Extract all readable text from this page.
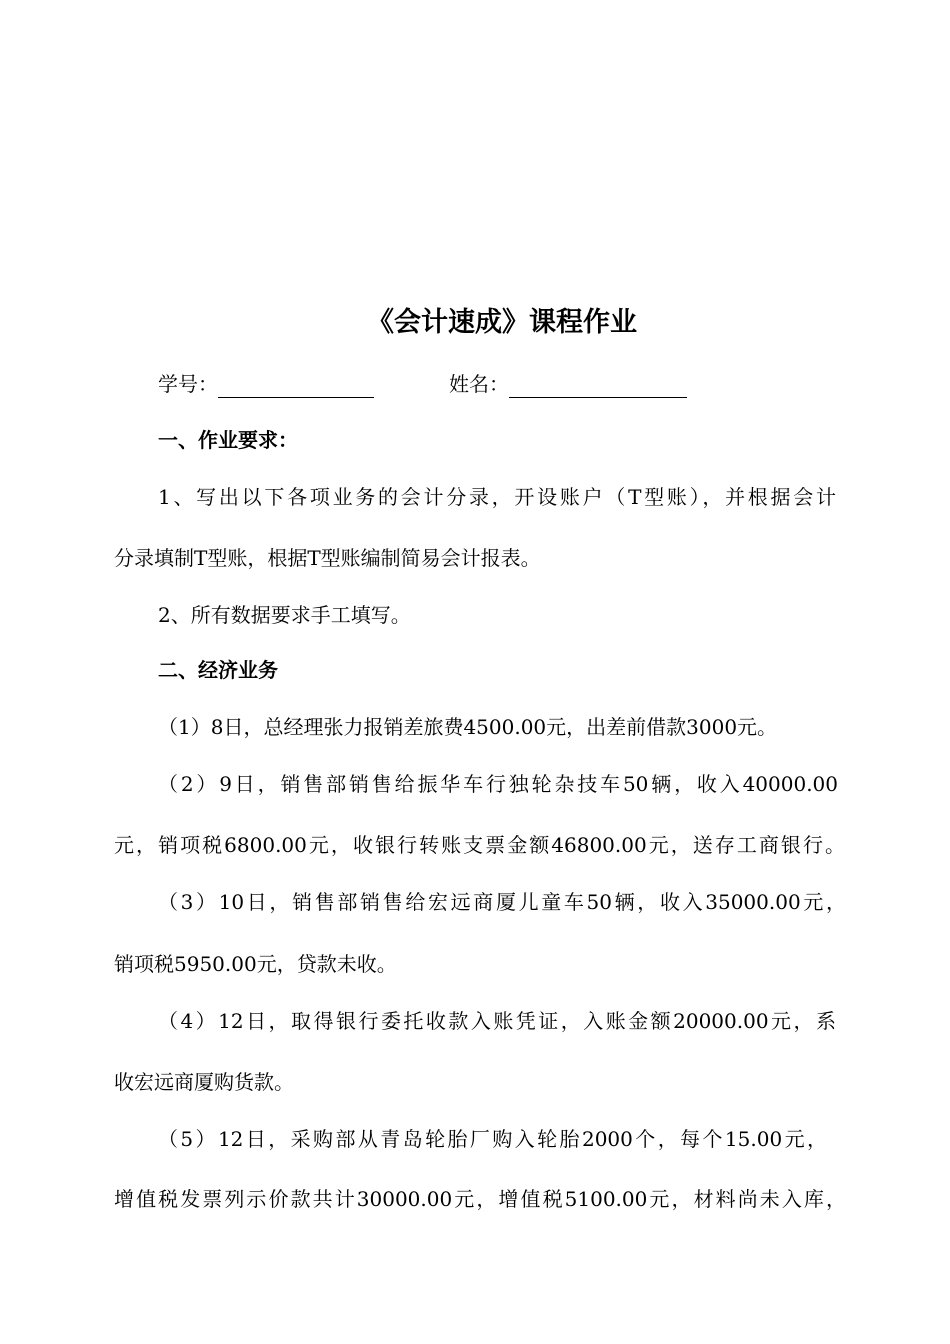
《会计速成》课程作业
学号：	姓名：
一、作业要求：
1、写出以下各项业务的会计分录，开设账户（T型账），并根据会计
分录填制T型账，根据T型账编制简易会计报表。
2、所有数据要求手工填写。
二、经济业务
（1）8日，总经理张力报销差旅费4500.00元，出差前借款3000元。
（2）9日，销售部销售给振华车行独轮杂技车50辆，收入40000.00
元，销项税6800.00元，收银行转账支票金额46800.00元，送存工商银行。
（3）10日，销售部销售给宏远商厦儿童车50辆，收入35000.00元，
销项税5950.00元，贷款未收。
（4）12日，取得银行委托收款入账凭证，入账金额20000.00元，系
收宏远商厦购货款。
（5）12日，采购部从青岛轮胎厂购入轮胎2000个，每个15.00元，
增值税发票列示价款共计30000.00元，增值税5100.00元，材料尚未入库，
